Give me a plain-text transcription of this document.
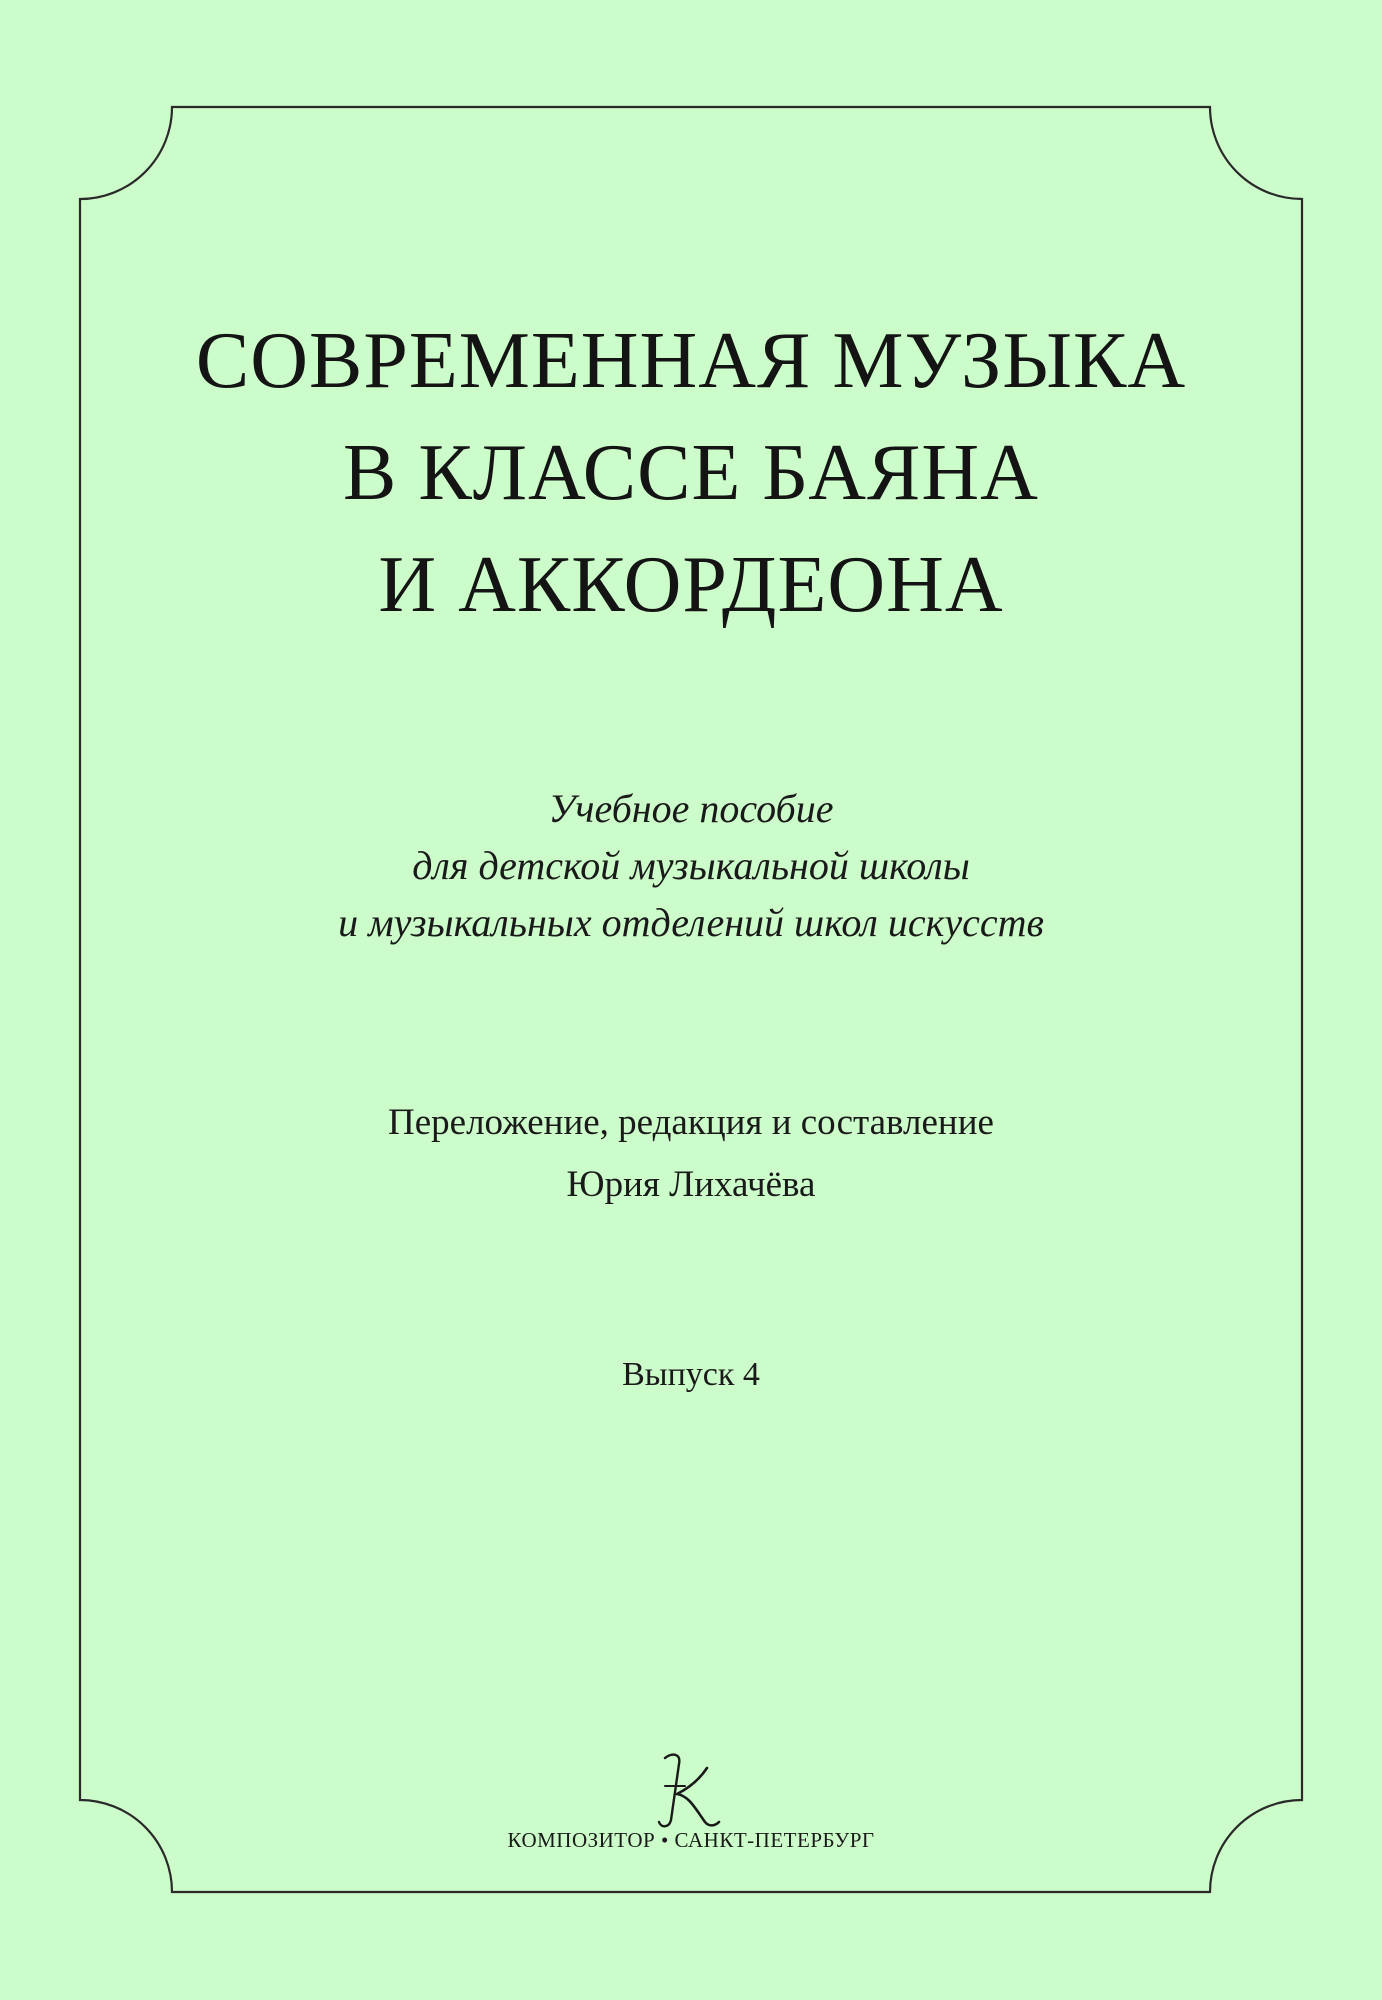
СОВРЕМЕННАЯ МУЗЫКА
В КЛАССЕ БАЯНА
И АККОРДЕОНА
Учебное пособие
для детской музыкальной школы
и музыкальных отделений школ искусств
Переложение, редакция и составление
Юрия Лихачёва
Выпуск 4
КОМПОЗИТОР • САНКТ-ПЕТЕРБУРГ
